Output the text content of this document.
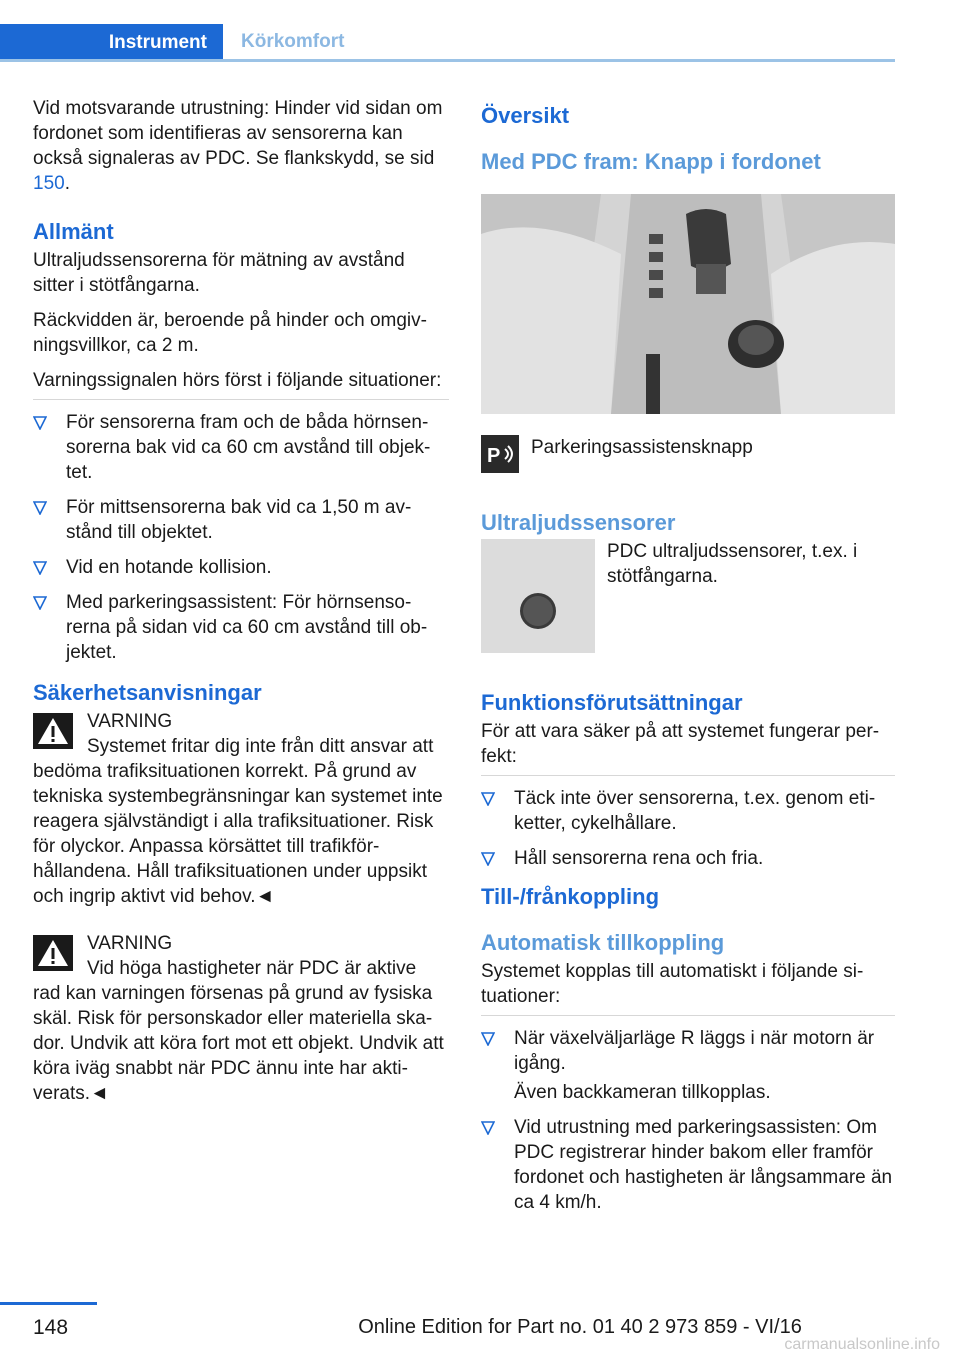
Instrument	Körkomfort

Vid motsvarande utrustning: Hinder vid sidan om fordonet som identifieras av sensorerna kan också signaleras av PDC. Se flankskydd, se sid 150.

Allmänt

Ultraljudssensorerna för mätning av avstånd sitter i stötfångarna.

Räckvidden är, beroende på hinder och omgivningsvillkor, ca 2 m.

Varningssignalen hörs först i följande situationer:

För sensorerna fram och de båda hörnsensorerna bak vid ca 60 cm avstånd till objektet.
För mittsensorerna bak vid ca 1,50 m avstånd till objektet.
Vid en hotande kollision.
Med parkeringsassistent: För hörnsensorerna på sidan vid ca 60 cm avstånd till objektet.
Säkerhetsanvisningar
VARNING
Systemet fritar dig inte från ditt ansvar att
bedöma trafiksituationen korrekt. På grund av tekniska systembegränsningar kan systemet inte reagera självständigt i alla trafiksituationer. Risk för olyckor. Anpassa körsättet till trafikförhållandena. Håll trafiksituationen under uppsikt och ingrip aktivt vid behov.◄
VARNING
Vid höga hastigheter när PDC är aktive
rad kan varningen försenas på grund av fysiska skäl. Risk för personskador eller materiella skador. Undvik att köra fort mot ett objekt. Undvik att köra iväg snabbt när PDC ännu inte har aktiverats.◄
Översikt
Med PDC fram: Knapp i fordonet
P Parkeringsassistensknapp
Ultraljudssensorer
PDC ultraljudssensorer, t.ex. i stötfångarna.
Funktionsförutsättningar

För att vara säker på att systemet fungerar perfekt:

Täck inte över sensorerna, t.ex. genom etiketter, cykelhållare.
Håll sensorerna rena och fria.
Till-/frånkoppling
Automatisk tillkoppling

Systemet kopplas till automatiskt i följande situationer:

När växelväljarläge R läggs i när motorn är igång.
Även backkameran tillkopplas.
Vid utrustning med parkeringsassisten: Om PDC registrerar hinder bakom eller framför fordonet och hastigheten är långsammare än ca 4 km/h.
148	Online Edition for Part no. 01 40 2 973 859 - VI/16
carmanualsonline.info
